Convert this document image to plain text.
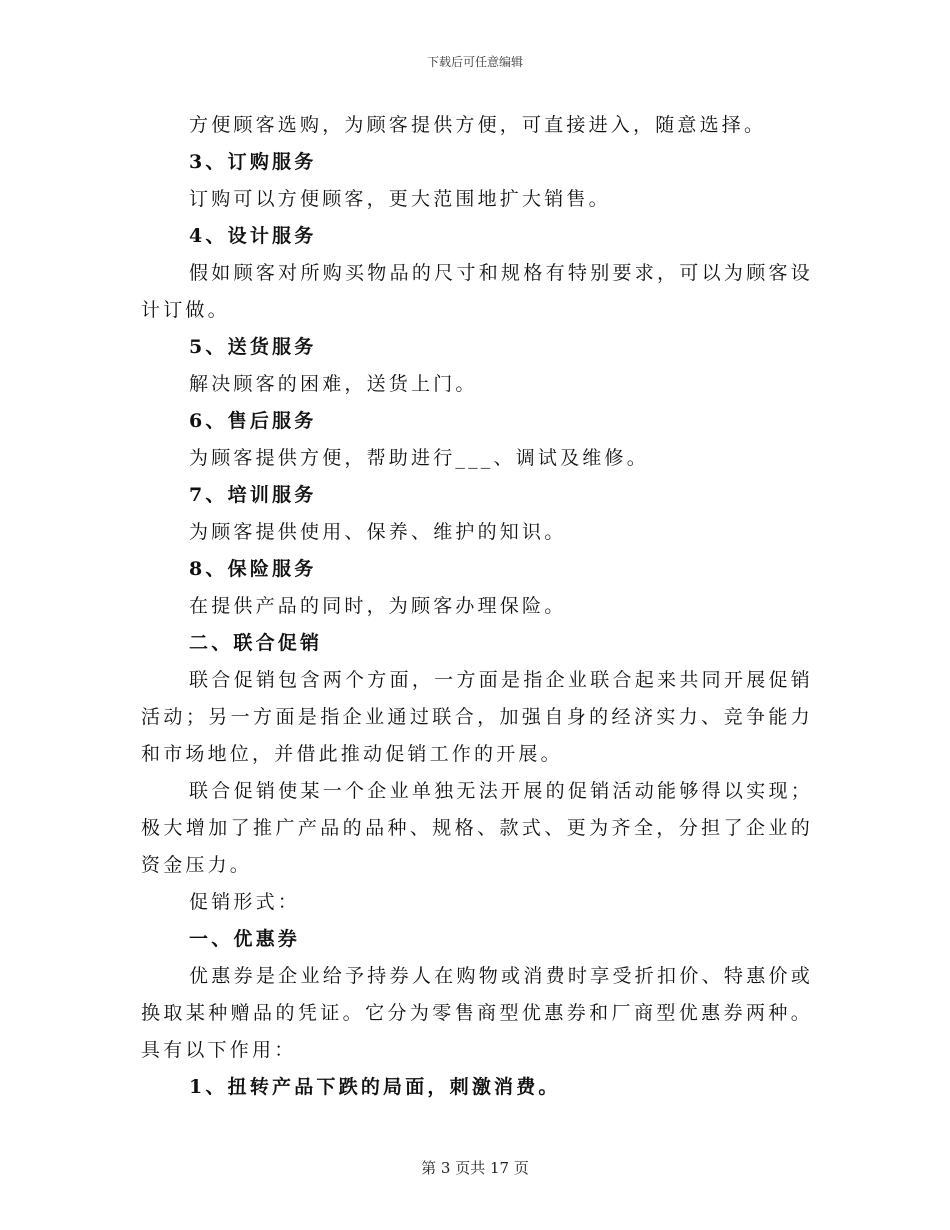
下载后可任意编辑

方便顾客选购，为顾客提供方便，可直接进入，随意选择。

3、订购服务

订购可以方便顾客，更大范围地扩大销售。

4、设计服务

假如顾客对所购买物品的尺寸和规格有特别要求，可以为顾客设计订做。

5、送货服务

解决顾客的困难，送货上门。

6、售后服务

为顾客提供方便，帮助进行___、调试及维修。

7、培训服务

为顾客提供使用、保养、维护的知识。

8、保险服务

在提供产品的同时，为顾客办理保险。

二、联合促销

联合促销包含两个方面，一方面是指企业联合起来共同开展促销活动；另一方面是指企业通过联合，加强自身的经济实力、竞争能力和市场地位，并借此推动促销工作的开展。

联合促销使某一个企业单独无法开展的促销活动能够得以实现；极大增加了推广产品的品种、规格、款式、更为齐全，分担了企业的资金压力。

促销形式：

一、优惠券

优惠券是企业给予持券人在购物或消费时享受折扣价、特惠价或换取某种赠品的凭证。它分为零售商型优惠券和厂商型优惠券两种。具有以下作用：

1、扭转产品下跌的局面，刺激消费。

第 3 页共 17 页
